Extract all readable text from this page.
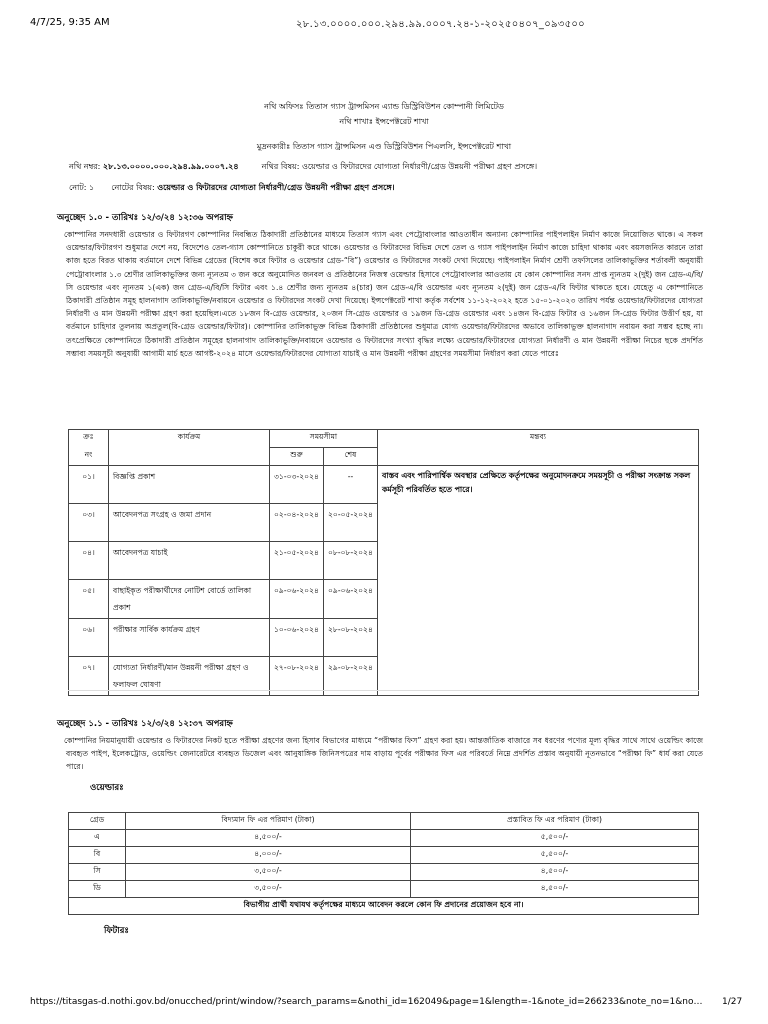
4/7/25, 9:35 AM	২৮.১৩.০০০০.০০০.২৯৪.৯৯.০০০৭.২৪-১-২০২৫০৪০৭_০৯৩৫০০
নথি অফিসঃ তিতাস গ্যাস ট্রান্সমিসন এ্যান্ড ডিস্ট্রিবিউশন কোম্পানী লিমিটেড
নথি শাখাঃ ইন্সপেক্টরেট শাখা
মুদ্রনকারীঃ তিতাস গ্যাস ট্রান্সমিসন এণ্ড ডিস্ট্রিবিউশন পিএলসি, ইন্সপেক্টরেট শাখা
নথি নম্বর: ২৮.১৩.০০০০.০০০.২৯৪.৯৯.০০০৭.২৪	নথির বিষয়: ওয়েল্ডার ও ফিটারদের যোগ্যতা নির্ধারণী/গ্রেড উন্নয়নী পরীক্ষা গ্রহণ প্রসঙ্গে।
নোট: ১ নোটের বিষয়: ওয়েল্ডার ও ফিটারদের যোগ্যতা নির্ধারণী/গ্রেড উন্নয়নী পরীক্ষা গ্রহণ প্রসঙ্গে।
অনুচ্ছেদ ১.০ - তারিখঃ ১২/৩/২৪ ১২:৩৬ অপরাহ্ন
কোম্পানির সনদধারী ওয়েল্ডার ও ফিটারগণ কোম্পানির নিবন্ধিত ঠিকাদারী প্রতিষ্ঠানের মাধ্যমে তিতাস গ্যাস এবং পেট্রোবাংলার আওতাধীন অন্যান্য কোম্পানির পাইপলাইন নির্মাণ কাজে নিয়োজিত থাকে। এ সকল ওয়েল্ডার/ফিটারগণ শুধুমাত্র দেশে নয়, বিদেশেও তেল-গ্যাস কোম্পানিতে চাকুরী করে থাকে। ওয়েল্ডার ও ফিটারদের বিভিন্ন দেশে তেল ও গ্যাস পাইপলাইন নির্মাণ কাজে চাহিদা থাকায় এবং বয়সজনিত কারনে তারা কাজ হতে বিরত থাকায় বর্তমানে দেশে বিভিন্ন গ্রেডের (বিশেষ করে ফিটার ও ওয়েল্ডার গ্রেড-“বি”) ওয়েল্ডার ও ফিটারদের সংকট দেখা দিয়েছে। পাইপলাইন নির্মাণ শ্রেণী তফসিলের তালিকাভুক্তির শর্তাবলী অনুযায়ী পেট্রোবাংলার ১.৩ শ্রেণীর তালিকাভুক্তির জন্য ন্যূনতম ৩ জন করে অনুমোদিত জনবল ও প্রতিষ্ঠানের নিজস্ব ওয়েল্ডার হিসাবে পেট্রোবাংলার আওতায় যে কোন কোম্পানির সনদ প্রাপ্ত ন্যূনতম ২(দুই) জন গ্রেড-এ/বি/সি ওয়েল্ডার এবং ন্যূনতম ১(এক) জন গ্রেড-এ/বি/সি ফিটার এবং ১.৪ শ্রেণীর জন্য ন্যূনতম ৪(চার) জন গ্রেড-এ/বি ওয়েল্ডার এবং ন্যূনতম ২(দুই) জন গ্রেড-এ/বি ফিটার থাকতে হবে। যেহেতু এ কোম্পানিতে ঠিকাদারী প্রতিষ্ঠান সমূহ হালনাগাদ তালিকাভুক্তি/নবায়নে ওয়েল্ডার ও ফিটারদের সংকট দেখা দিয়েছে। ইন্সপেক্টরেট শাখা কর্তৃক সর্বশেষ ১১-১২-২০২২ হতে ১৫-০১-২০২৩ তারিখ পর্যন্ত ওয়েল্ডার/ফিটারদের যোগ্যতা নির্ধারণী ও মান উন্নয়নী পরীক্ষা গ্রহণ করা হয়েছিল।এতে ১৮জন বি-গ্রেড ওয়েল্ডার, ২০জন সি-গ্রেড ওয়েল্ডার ও ১৯জন ডি-গ্রেড ওয়েল্ডার এবং ১৪জন বি-গ্রেড ফিটার ও ১৬জন সি-গ্রেড ফিটার উত্তীর্ণ হয়, যা বর্তমানে চাহিদার তুলনায় অপ্রতুল(বি-গ্রেড ওয়েল্ডার/ফিটার)। কোম্পানির তালিকাভুক্ত বিভিন্ন ঠিকাদারী প্রতিষ্ঠানের শুধুমাত্র যোগ্য ওয়েল্ডার/ফিটারদের অভাবে তালিকাভুক্ত হালনাগাদ নবায়ন করা সম্ভব হচ্ছে না। তৎপ্রেক্ষিতে কোম্পানিতে ঠিকাদারী প্রতিষ্ঠান সমূহের হালনাগাদ তালিকাভুক্তি/নবায়নে ওয়েল্ডার ও ফিটারদের সংখ্যা বৃদ্ধির লক্ষ্যে ওয়েল্ডার/ফিটারদের যোগ্যতা নির্ধারণী ও মান উন্নয়নী পরীক্ষা নিচের ছকে প্রদর্শিত সম্ভাব্য সময়সূচী অনুযায়ী আগামী মার্চ হতে আগষ্ট-২০২৪ মাসে ওয়েল্ডার/ফিটারদের যোগ্যতা যাচাই ও মান উন্নয়নী পরীক্ষা গ্রহণের সময়সীমা নির্ধারণ করা যেতে পারেঃ
ক্রঃ	কার্যক্রম	সময়সীমা		মন্তব্য
নং		শুরু	শেষ	
০১।	বিজ্ঞপ্তি প্রকাশ	৩১-০৩-২০২৪	--	বাস্তব এবং পারিপার্শ্বিক অবস্থার প্রেক্ষিতে কর্তৃপক্ষের অনুমোদনক্রমে সময়সূচী ও পরীক্ষা সংক্রান্ত সকল কর্মসূচী পরিবর্তিত হতে পারে।
০৩।	আবেদনপত্র সংগ্রহ ও জমা প্রদান	০২-০৪-২০২৪	২০-০৫-২০২৪	
০৪।	আবেদনপত্র যাচাই	২১-০৫-২০২৪	০৮-০৮-২০২৪	
০৫।	বাছাইকৃত পরীক্ষার্থীদের নোটিশ বোর্ডে তালিকা প্রকাশ	০৯-০৬-২০২৪	০৯-০৬-২০২৪	
০৬।	পরীক্ষার সার্বিক কার্যক্রম গ্রহণ	১০-০৬-২০২৪	২৮-০৮-২০২৪	
০৭।	যোগ্যতা নির্ধারণী/মান উন্নয়নী পরীক্ষা গ্রহণ ও ফলাফল ঘোষণা	২৭-০৮-২০২৪	২৯-০৮-২০২৪	
অনুচ্ছেদ ১.১ - তারিখঃ ১২/৩/২৪ ১২:৩৭ অপরাহ্ন
কোম্পানির নিয়মানুযায়ী ওয়েল্ডার ও ফিটারদের নিকট হতে পরীক্ষা গ্রহণের জন্য হিসাব বিভাগের মাধ্যমে “পরীক্ষার ফিস” গ্রহণ করা হয়। আন্তর্জাতিক বাজারে সব ধরণের পণ্যের মূল্য বৃদ্ধির সাথে সাথে ওয়েল্ডিং কাজে ব্যবহৃত পাইপ, ইলেকট্রোড, ওয়েল্ডিং জেনারেটরে ব্যবহৃত ডিজেল এবং আনুষাঙ্গিক জিনিসপত্রের দাম বাড়ায় পূর্বের পরীক্ষার ফিস এর পরিবর্তে নিম্নে প্রদর্শিত প্রস্তাব অনুযায়ী নূতনভাবে “পরীক্ষা ফি” ধার্য করা যেতে পারে।
ওয়েল্ডারঃ
গ্রেড	বিদ্যমান ফি এর পরিমাণ (টাকা)	প্রস্তাবিত ফি এর পরিমাণ (টাকা)
এ	৪,৫০০/-	৫,৫০০/-
বি	৪,০০০/-	৫,৫০০/-
সি	৩,৫০০/-	৪,৫০০/-
ডি	৩,৫০০/-	৪,৫০০/-
বিভাগীয় প্রার্থী যথাযথ কর্তৃপক্ষের মাধ্যমে আবেদন করলে কোন ফি প্রদানের প্রয়োজন হবে না।		
ফিটারঃ
https://titasgas-d.nothi.gov.bd/onucched/print/window/?search_params=&nothi_id=162049&page=1&length=-1&note_id=266233&note_no=1&no… 1/27
